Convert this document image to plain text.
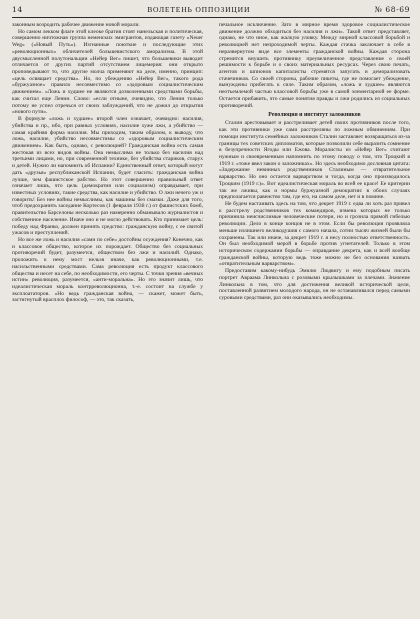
14	ВОЛЕТЕНЬ ОППОЗИЦИИ	№ 68-69

законным возродить рабочее движение новой морали.

Но самом лекком флаге этой клеоке братия стоят нанельская и политическая, совершенно ничтожная группа неменских эмигрантов, издающая газету «Neuer Weg» («Новый Путь»). Изгнанные поюткие и последующие этих «революционных» обличителей большевистского аморализма. В этой двусмысленной полутональции «Нейер Вег» пишет, что большевики выводит отличается от других партий отсутствием лицемерия: они открыто проповедывают то, что другие молча применяют на деле, именно, принцип: «цель освящает средства». Но, по убеждению «Нейер Вег», такого рода «буржуазное» правило несовместимо со «здоровым социалистическим движением». «Ложь и худшее не являются дозволенными средствами борьбы, как считал еще Ленин. Слово: «если отныне, очевидно, что Ленин только потому не успел отречься от своих заблуждений, что не дожил до открытия «нового пути».

В формуле «ложь и худшее» второй член означает, очевидно: насилия, убийства и пр., ибо, при равных условиях, насилие хуже лжи, а убийство — самая крайняя форма насилия. Мы приходим, таким образом, к выводу, что ложь, насилие, убийство несовместимы со «здоровым социалистическим движением». Как быть, однако, с революцией? Гражданская война есть самая жестокая из всех видов войны. Она немыслима не только без насилия над третьими лицами, но, при современной технике, без убийства стариков, старух и детей. Нужно ли напомнить об Испании? Единственный ответ, который могут дать «друзья» республиканской Испании, будет гласить: гражданская война лучше, чем фашистское рабство. Но этот совершенно правильный ответ означает лишь, что цель (демократия или социализм) оправдывает, при известных условиях, такие средства, как насилие и убийство. О лжи нечего уж и говорить! Без нее войны немыслимы, как машины без смазки. Даже для того, чтоб предохранить заседание Кортесов (1 февраля 1938 г.) от фашистских бомб, правительство Барселоны несколько раз намеренно обманывало журналистов и собственное население. Иначе оно и не могло действовать. Кто принимает цель: победу над Франко, должен принять средство: гражданскую войну, с ее свитой ужасов и преступлений.

Но все же ложь и насилия «сами по себе» достойны осуждения? Конечно, как и классовое общество, которое их порождает. Общество без социальных противоречий будет, разумеется, обществом без лжи и насилий. Однако, проложить к нему мост нельзя иначе, как революционными, т.е. насильственными средствами. Сама революция есть продукт классового общества и несет на себе, по необходимости, его черты. С точки зрения «вечных истин» революция, разумеется, «анти-моральна». Но это значит лишь, что идеалистическая мораль контрреволюционна, т.-е. состоит на службе у эксплоататоров. «Но ведь гражданская война, — скажет, может быть, застигнутый врасплох философ, — это, так сказать,

печальное исключение. Зато в мирное время здоровое социалистическое движение должно обходиться без насилия и лжи». Такой ответ представляет, однако, не что иное, как жалкую уловку. Между мирной классовой борьбой и революцией нет непроходимой черты. Каждая стачка заключает в себе в неразвернутом виде все элементы гражданской войны. Каждая сторона стремится внушить противнику преувеличенное представление о своей решимости к борьбе и о своих материальных ресурсах. Через свою печать, агентов и шпионов капиталисты стремятся запугать и деморализовать стачечников. Со своей стороны, рабочие пикеты, где не помогает убеждение, вынуждены прибегать к силе. Таким образом, «ложь и худшее» являются неотъемлемой частью классовой борьбы уже в самой элементарной ее форме. Остается прибавить, что самые понятия правды и лжи родились из социальных противоречий.

Революция и институт заложников

Сталин арестовывает и расстреливает детей своих противников после того, как эти противники уже сами расстреляны по ложным обвинениям. При помощи института семейных заложников Сталин заставляет возвращаться из-за границы тех советских дипломатов, которые позволили себе выразить сомнение в безупречности Ягоды или Ежова. Моралисты из «Нейер Вег» считают нужным и своевременным напомнить по этому поводу о том, что Троцкий в 1919 г. «тоже ввел закон о заложниках». Но здесь необходимо дословная цитата: «Задержание невинных родственников Сталиным — отвратительное варварство. Но оно остается варварством и тогда, когда оно производилось Троцким (1919 г.)». Вот идеалистическая мораль во всей ее красе! Ее критерии так же лживы, как и нормы буржуазной демократии: в обоих случаях предполагается равенство там, где его, на самом деле, нет и в помине.

Не будем настаивать здесь на том, что декрет 1919 г. едва ли хоть раз привел к расстрелу родственников тех командиров, измена которых не только причинила неисчислимые человеческие потери, но и грозила прямой гибелью революции. Дело в конце концов не в этом. Если бы революция проявляла меньше излишнего великодушия с самого начала, сотни тысяч жизней были бы сохранены. Так или иначе, за декрет 1919 г. я несу полностью ответственность. Он был необходимой мерой в борьбе против угнетателей. Только в этом историческом содержании борьбы — оправдание декрета, как и всей вообще гражданской войны, которую ведь тоже можно не без основания назвать «отвратительным варварством».

Предоставим какому-нибудь Эмилю Людвигу и ему подобным писать портрет Авраама Линкольна с розовыми крылышками за плечами. Значение Линкольна в том, что для достижения великой исторической цели, поставленной развитием молодого народа, он не останавливался перед самыми суровыми средствами, раз они оказывались необходимы.
